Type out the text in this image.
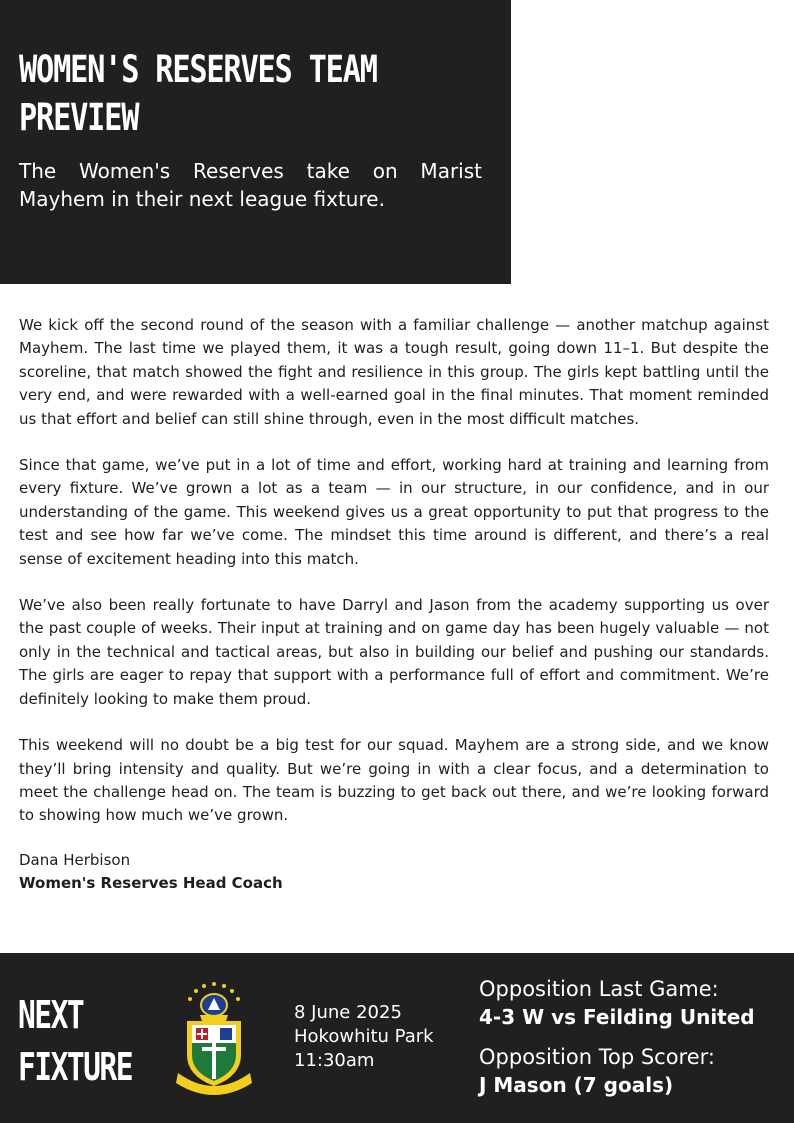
WOMEN'S RESERVES TEAM PREVIEW
The Women's Reserves take on Marist Mayhem in their next league fixture.

We kick off the second round of the season with a familiar challenge — another matchup against Mayhem. The last time we played them, it was a tough result, going down 11–1. But despite the scoreline, that match showed the fight and resilience in this group. The girls kept battling until the very end, and were rewarded with a well-earned goal in the final minutes. That moment reminded us that effort and belief can still shine through, even in the most difficult matches.

Since that game, we’ve put in a lot of time and effort, working hard at training and learning from every fixture. We’ve grown a lot as a team — in our structure, in our confidence, and in our understanding of the game. This weekend gives us a great opportunity to put that progress to the test and see how far we’ve come. The mindset this time around is different, and there’s a real sense of excitement heading into this match.

We’ve also been really fortunate to have Darryl and Jason from the academy supporting us over the past couple of weeks. Their input at training and on game day has been hugely valuable — not only in the technical and tactical areas, but also in building our belief and pushing our standards. The girls are eager to repay that support with a performance full of effort and commitment. We’re definitely looking to make them proud.

This weekend will no doubt be a big test for our squad. Mayhem are a strong side, and we know they’ll bring intensity and quality. But we’re going in with a clear focus, and a determination to meet the challenge head on. The team is buzzing to get back out there, and we’re looking forward to showing how much we’ve grown.

Dana Herbison
Women's Reserves Head Coach
NEXT
FIXTURE
8 June 2025
Hokowhitu Park
11:30am
Opposition Last Game:
4-3 W vs Feilding United
Opposition Top Scorer:
J Mason (7 goals)
